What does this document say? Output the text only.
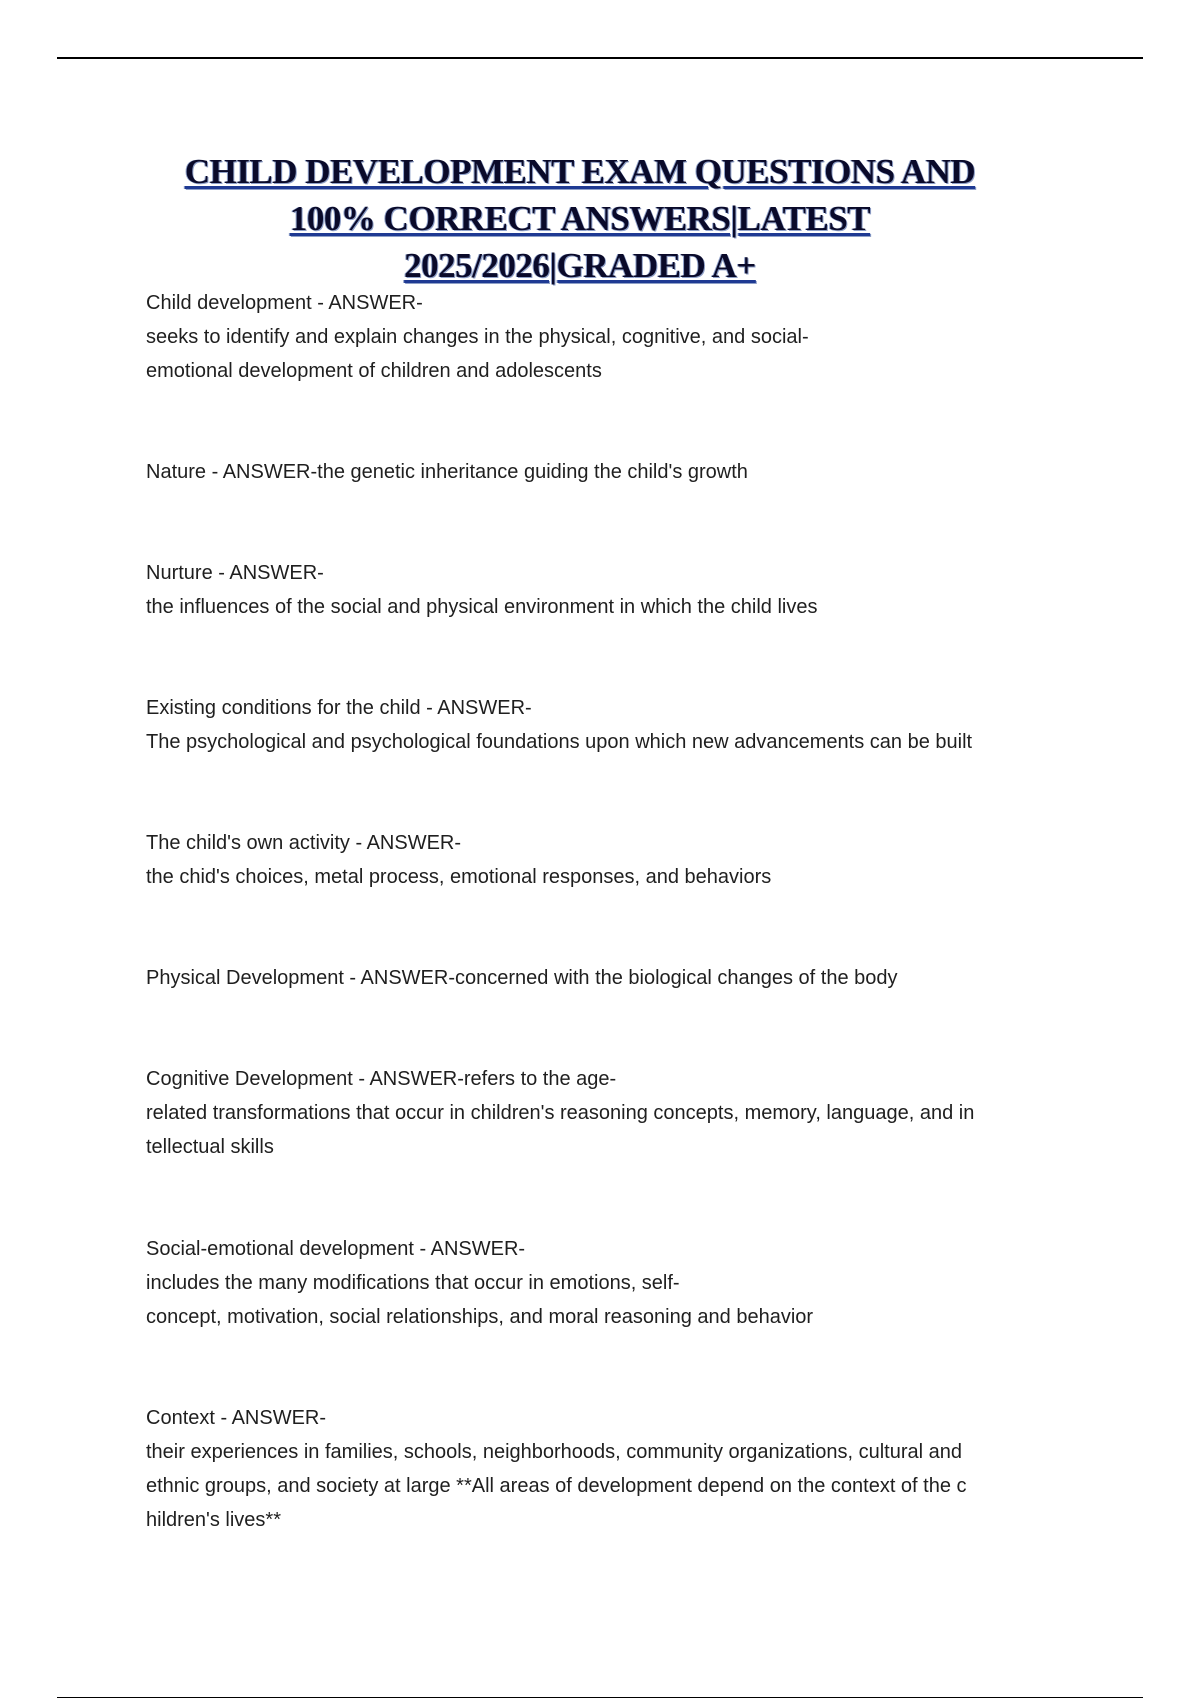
CHILD DEVELOPMENT EXAM QUESTIONS AND
100% CORRECT ANSWERS|LATEST
2025/2026|GRADED A+
Child development - ANSWER-
seeks to identify and explain changes in the physical, cognitive, and social-
emotional development of children and adolescents
Nature - ANSWER-the genetic inheritance guiding the child's growth
Nurture - ANSWER-
the influences of the social and physical environment in which the child lives
Existing conditions for the child - ANSWER-
The psychological and psychological foundations upon which new advancements can be built
The child's own activity - ANSWER-
the chid's choices, metal process, emotional responses, and behaviors
Physical Development - ANSWER-concerned with the biological changes of the body
Cognitive Development - ANSWER-refers to the age-
related transformations that occur in children's reasoning concepts, memory, language, and in
tellectual skills
Social-emotional development - ANSWER-
includes the many modifications that occur in emotions, self-
concept, motivation, social relationships, and moral reasoning and behavior
Context - ANSWER-
their experiences in families, schools, neighborhoods, community organizations, cultural and
ethnic groups, and society at large **All areas of development depend on the context of the c
hildren's lives**
